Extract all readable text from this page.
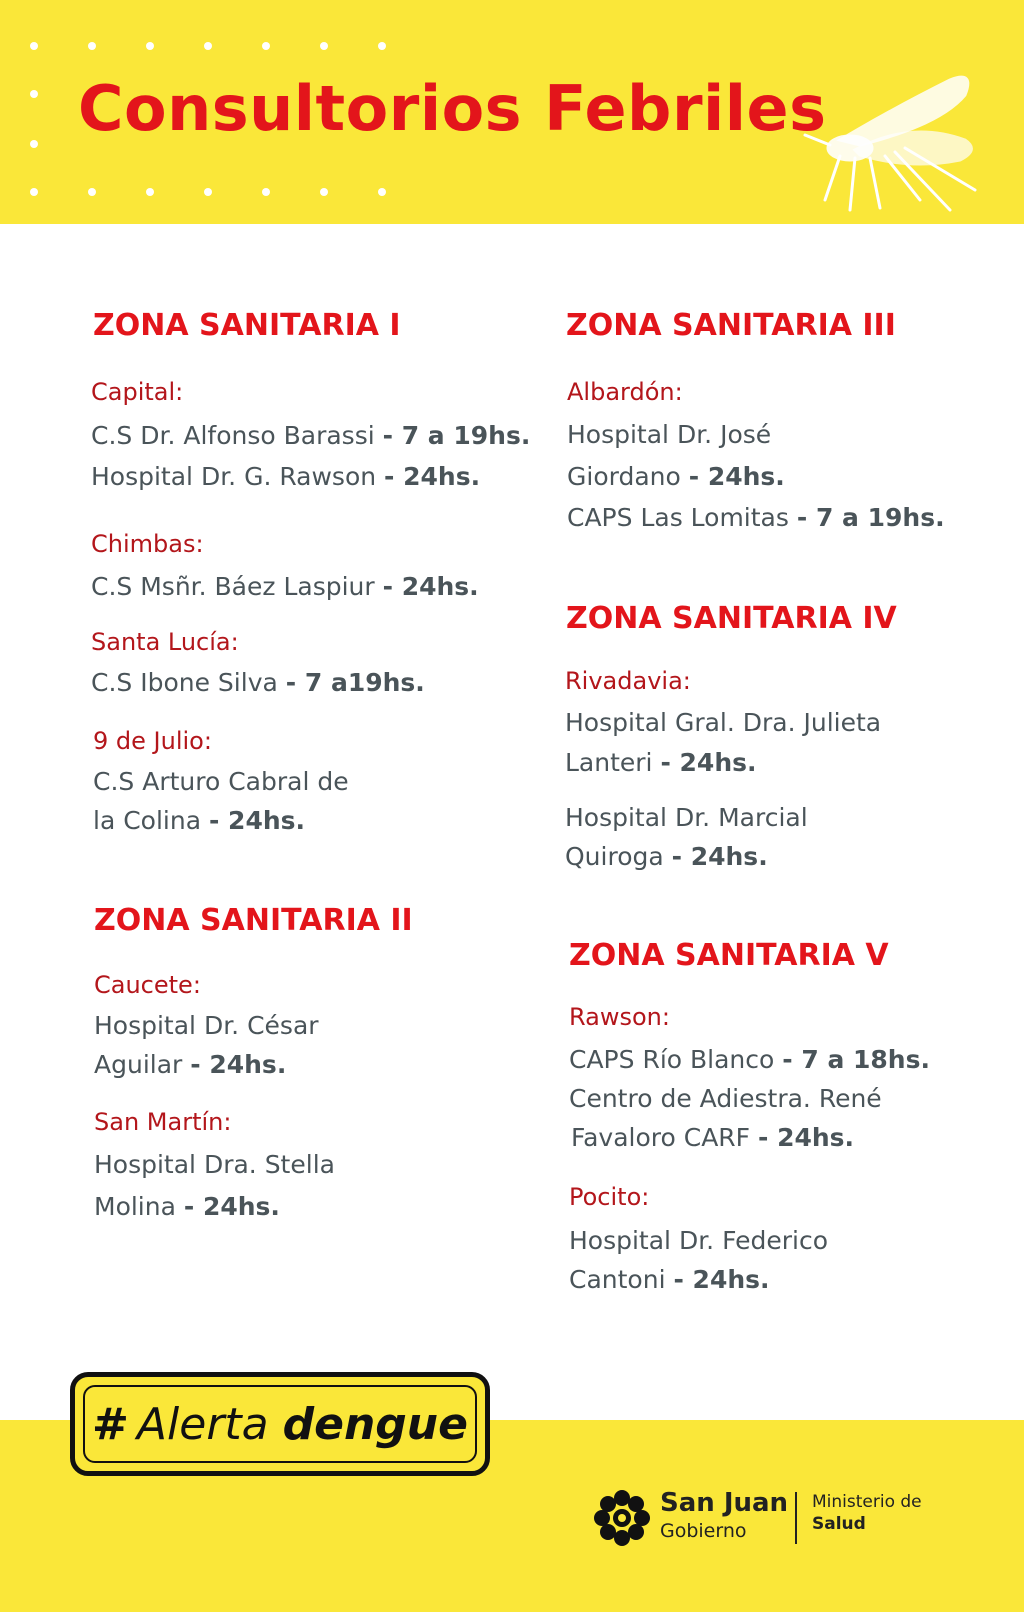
Consultorios Febriles
ZONA SANITARIA I
Capital:
C.S Dr. Alfonso Barassi - 7 a 19hs.
Hospital Dr. G. Rawson - 24hs.
Chimbas:
C.S Msñr. Báez Laspiur - 24hs.
Santa Lucía:
C.S Ibone Silva - 7 a19hs.
9 de Julio:
C.S Arturo Cabral de
la Colina - 24hs.
ZONA SANITARIA II
Caucete:
Hospital Dr. César
Aguilar - 24hs.
San Martín:
Hospital Dra. Stella
Molina - 24hs.
ZONA SANITARIA III
Albardón:
Hospital Dr. José
Giordano - 24hs.
CAPS Las Lomitas - 7 a 19hs.
ZONA SANITARIA IV
Rivadavia:
Hospital Gral. Dra. Julieta
Lanteri - 24hs.
Hospital Dr. Marcial
Quiroga - 24hs.
ZONA SANITARIA V
Rawson:
CAPS Río Blanco - 7 a 18hs.
Centro de Adiestra. René
Favaloro CARF - 24hs.
Pocito:
Hospital Dr. Federico
Cantoni - 24hs.
# Alerta dengue
San Juan
Gobierno
Ministerio de
Salud
